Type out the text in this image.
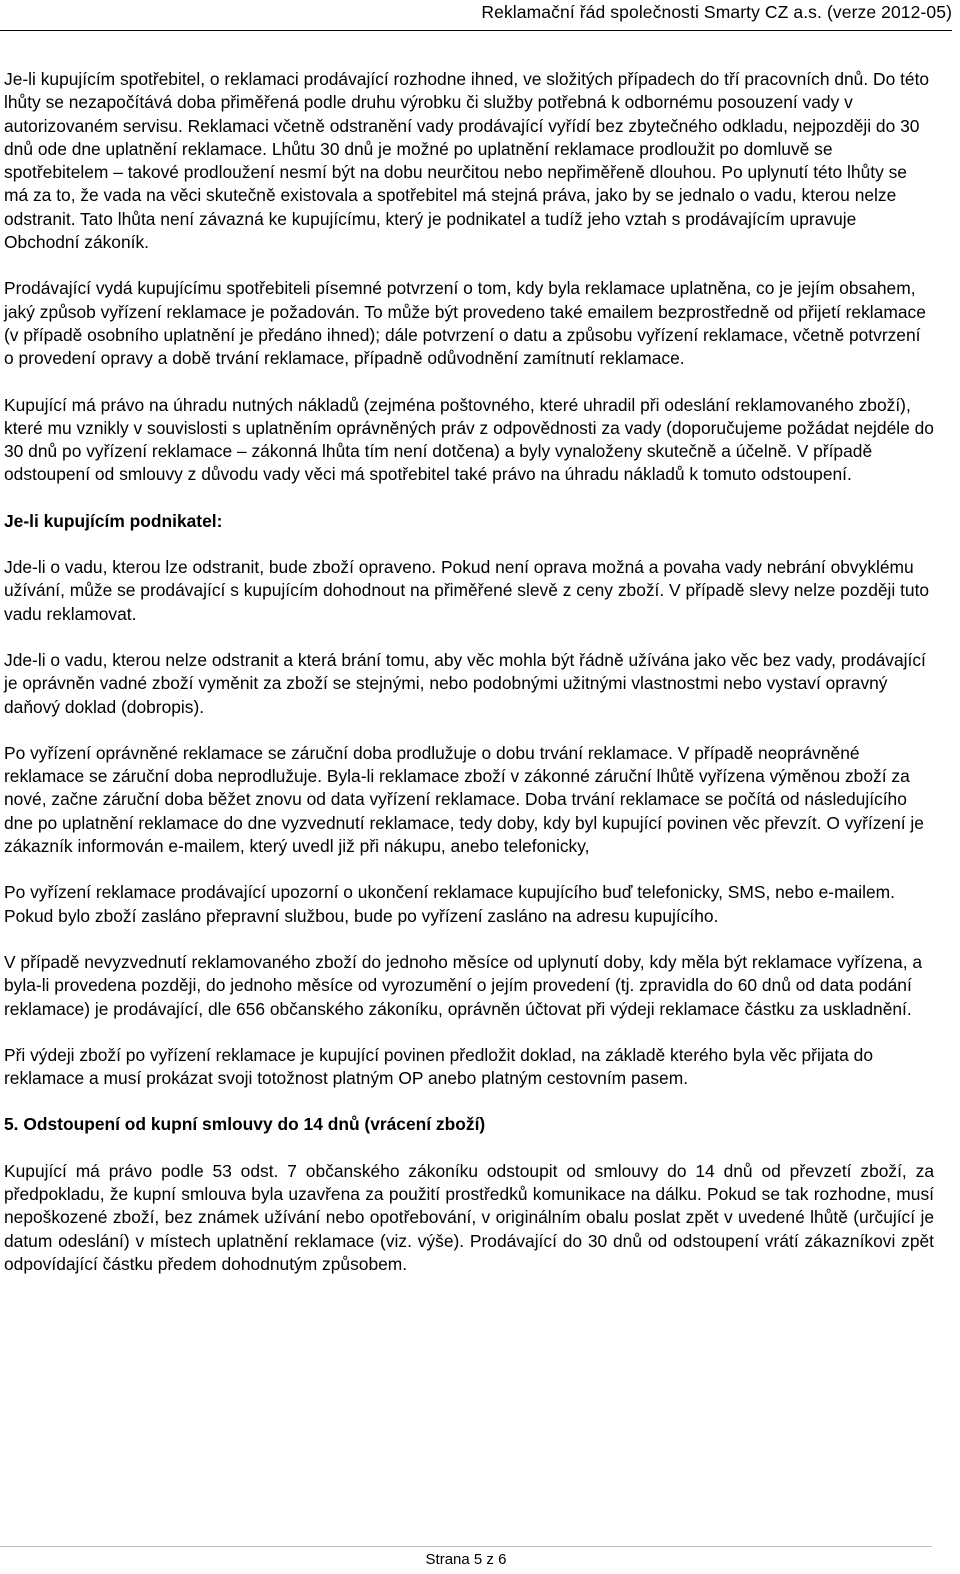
Reklamační řád společnosti Smarty CZ a.s. (verze 2012-05)

Je-li kupujícím spotřebitel, o reklamaci prodávající rozhodne ihned, ve složitých případech do tří pracovních dnů. Do této lhůty se nezapočítává doba přiměřená podle druhu výrobku či služby potřebná k odbornému posouzení vady v autorizovaném servisu. Reklamaci včetně odstranění vady prodávající vyřídí bez zbytečného odkladu, nejpozději do 30 dnů ode dne uplatnění reklamace. Lhůtu 30 dnů je možné po uplatnění reklamace prodloužit po domluvě se spotřebitelem – takové prodloužení nesmí být na dobu neurčitou nebo nepřiměřeně dlouhou. Po uplynutí této lhůty se má za to, že vada na věci skutečně existovala a spotřebitel má stejná práva, jako by se jednalo o vadu, kterou nelze odstranit. Tato lhůta není závazná ke kupujícímu, který je podnikatel a tudíž jeho vztah s prodávajícím upravuje Obchodní zákoník.

Prodávající vydá kupujícímu spotřebiteli písemné potvrzení o tom, kdy byla reklamace uplatněna, co je jejím obsahem, jaký způsob vyřízení reklamace je požadován. To může být provedeno také emailem bezprostředně od přijetí reklamace (v případě osobního uplatnění je předáno ihned); dále potvrzení o datu a způsobu vyřízení reklamace, včetně potvrzení o provedení opravy a době trvání reklamace, případně odůvodnění zamítnutí reklamace.

Kupující má právo na úhradu nutných nákladů (zejména poštovného, které uhradil při odeslání reklamovaného zboží), které mu vznikly v souvislosti s uplatněním oprávněných práv z odpovědnosti za vady (doporučujeme požádat nejdéle do 30 dnů po vyřízení reklamace – zákonná lhůta tím není dotčena) a byly vynaloženy skutečně a účelně. V případě odstoupení od smlouvy z důvodu vady věci má spotřebitel také právo na úhradu nákladů k tomuto odstoupení.

Je-li kupujícím podnikatel:

Jde-li o vadu, kterou lze odstranit, bude zboží opraveno. Pokud není oprava možná a povaha vady nebrání obvyklému užívání, může se prodávající s kupujícím dohodnout na přiměřené slevě z ceny zboží. V případě slevy nelze později tuto vadu reklamovat.

Jde-li o vadu, kterou nelze odstranit a která brání tomu, aby věc mohla být řádně užívána jako věc bez vady, prodávající je oprávněn vadné zboží vyměnit za zboží se stejnými, nebo podobnými užitnými vlastnostmi nebo vystaví opravný daňový doklad (dobropis).

Po vyřízení oprávněné reklamace se záruční doba prodlužuje o dobu trvání reklamace. V případě neoprávněné reklamace se záruční doba neprodlužuje. Byla-li reklamace zboží v zákonné záruční lhůtě vyřízena výměnou zboží za nové, začne záruční doba běžet znovu od data vyřízení reklamace. Doba trvání reklamace se počítá od následujícího dne po uplatnění reklamace do dne vyzvednutí reklamace, tedy doby, kdy byl kupující povinen věc převzít. O vyřízení je zákazník informován e-mailem, který uvedl již při nákupu, anebo telefonicky,

Po vyřízení reklamace prodávající upozorní o ukončení reklamace kupujícího buď telefonicky, SMS, nebo e-mailem. Pokud bylo zboží zasláno přepravní službou, bude po vyřízení zasláno na adresu kupujícího.

V případě nevyzvednutí reklamovaného zboží do jednoho měsíce od uplynutí doby, kdy měla být reklamace vyřízena, a byla-li provedena později, do jednoho měsíce od vyrozumění o jejím provedení (tj. zpravidla do 60 dnů od data podání reklamace) je prodávající, dle 656 občanského zákoníku, oprávněn účtovat při výdeji reklamace částku za uskladnění.

Při výdeji zboží po vyřízení reklamace je kupující povinen předložit doklad, na základě kterého byla věc přijata do reklamace a musí prokázat svoji totožnost platným OP anebo platným cestovním pasem.

5. Odstoupení od kupní smlouvy do 14 dnů (vrácení zboží)

Kupující má právo podle 53 odst. 7 občanského zákoníku odstoupit od smlouvy do 14 dnů od převzetí zboží, za předpokladu, že kupní smlouva byla uzavřena za použití prostředků komunikace na dálku. Pokud se tak rozhodne, musí nepoškozené zboží, bez známek užívání nebo opotřebování, v originálním obalu poslat zpět v uvedené lhůtě (určující je datum odeslání) v místech uplatnění reklamace (viz. výše). Prodávající do 30 dnů od odstoupení vrátí zákazníkovi zpět odpovídající částku předem dohodnutým způsobem.

Strana 5 z 6
